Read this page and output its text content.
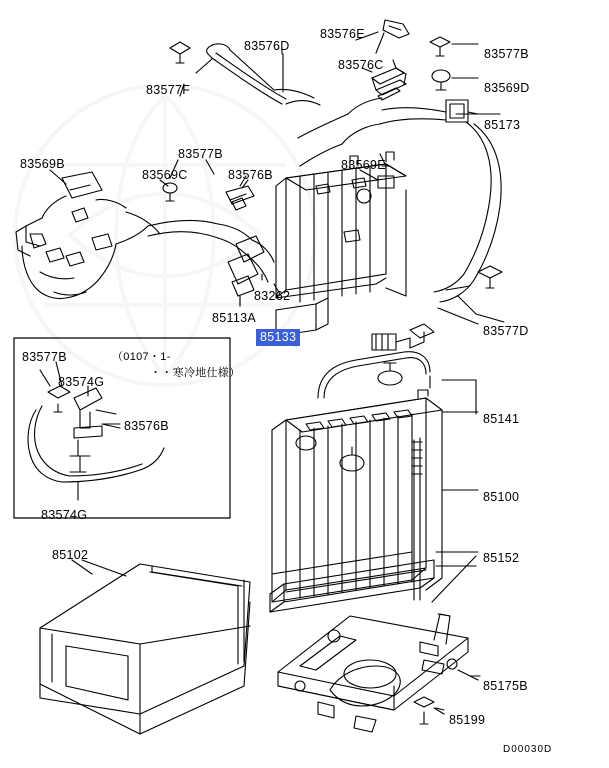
83577F
83576D
83576E
83576C
83577B
83569D
85173
83569B
83577B
83569C	83576B
83569E
83262
85113A
83577D
85141
85100
85152
85175B
85199
85102
83577B
83574G
83576B
83574G
（0107・1-
・・寒冷地仕様）
85133
D00030D
